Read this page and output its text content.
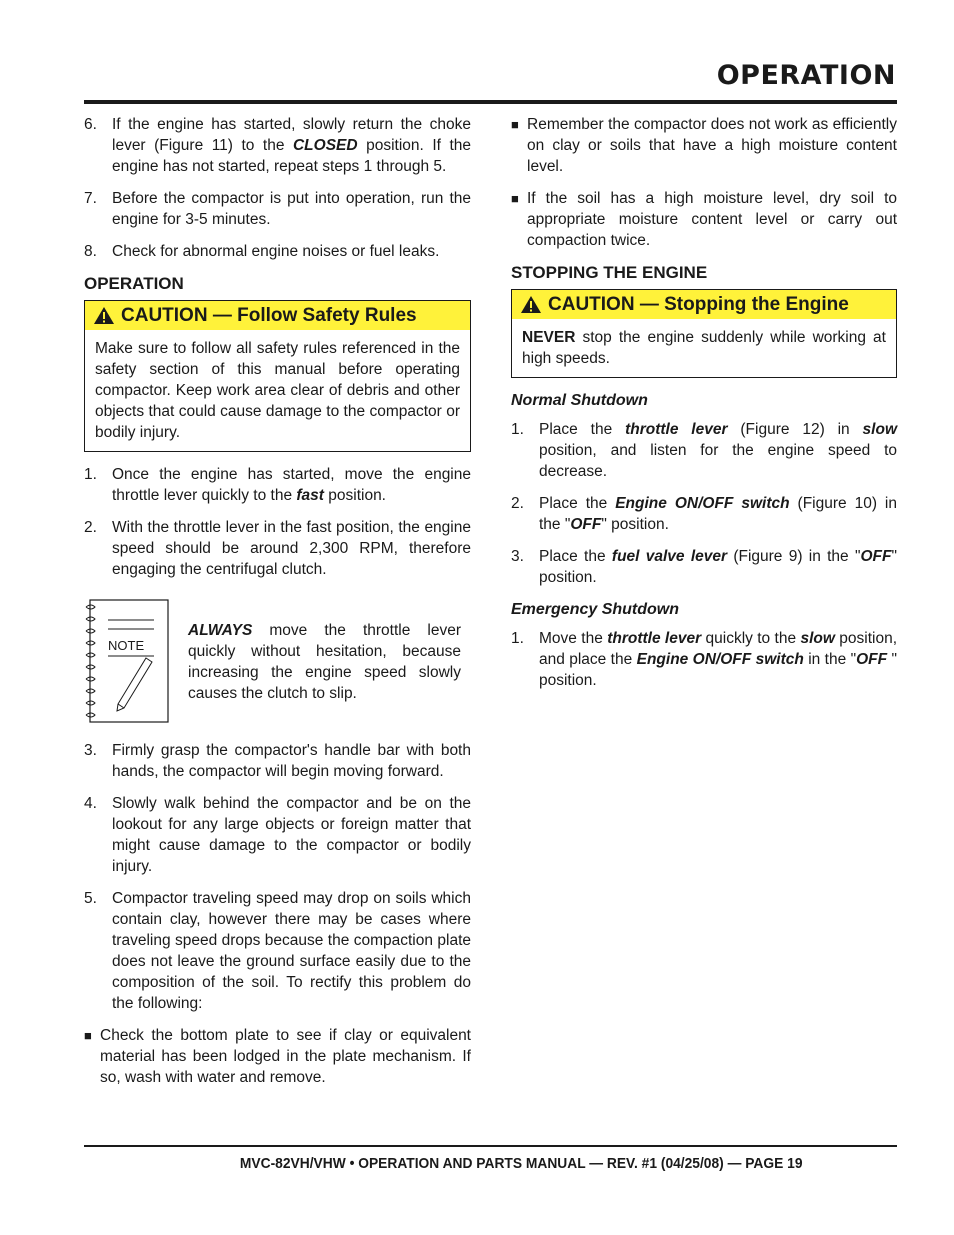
OPERATION
6. If the engine has started, slowly return the choke lever (Figure 11) to the CLOSED position. If the engine has not started, repeat steps 1 through 5.
7. Before the compactor is put into operation, run the engine for 3-5 minutes.
8. Check for abnormal engine noises or fuel leaks.
OPERATION
CAUTION — Follow Safety Rules
Make sure to follow all safety rules referenced in the safety section of this manual before operating compactor. Keep work area clear of debris and other objects that could cause damage to the compactor or bodily injury.
1. Once the engine has started, move the engine throttle lever quickly to the fast position.
2. With the throttle lever in the fast position, the engine speed should be around 2,300 RPM, therefore engaging the centrifugal clutch.
NOTE
ALWAYS move the throttle lever quickly without hesitation, because increasing the engine speed slowly causes the clutch to slip.
3. Firmly grasp the compactor's handle bar with both hands, the compactor will begin moving forward.
4. Slowly walk behind the compactor and be on the lookout for any large objects or foreign matter that might cause damage to the compactor or bodily injury.
5. Compactor traveling speed may drop on soils which contain clay, however there may be cases where traveling speed drops because the compaction plate does not leave the ground surface easily due to the composition of the soil. To rectify this problem do the following:
■ Check the bottom plate to see if clay or equivalent material has been lodged in the plate mechanism. If so, wash with water and remove.
■ Remember the compactor does not work as efficiently on clay or soils that have a high moisture content level.
■ If the soil has a high moisture level, dry soil to appropriate moisture content level or carry out compaction twice.
STOPPING THE ENGINE
CAUTION — Stopping the Engine
NEVER stop the engine suddenly while working at high speeds.
Normal Shutdown
1. Place the throttle lever (Figure 12) in slow position, and listen for the engine speed to decrease.
2. Place the Engine ON/OFF switch (Figure 10) in the "OFF" position.
3. Place the fuel valve lever (Figure 9) in the "OFF" position.
Emergency Shutdown
1. Move the throttle lever quickly to the slow position, and place the Engine ON/OFF switch in the "OFF " position.
MVC-82VH/VHW • OPERATION AND PARTS MANUAL — REV. #1 (04/25/08) — PAGE 19
